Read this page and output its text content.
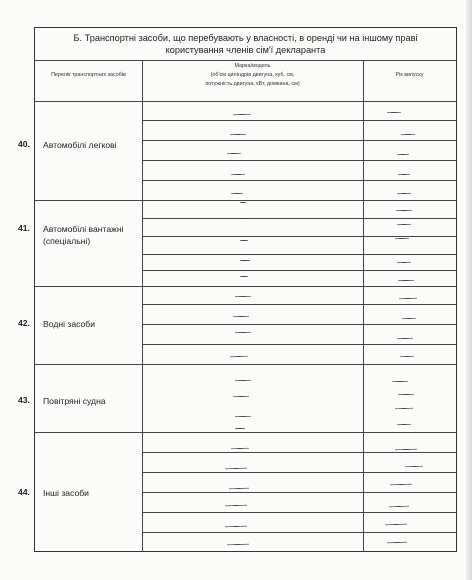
Б. Транспортні засоби, що перебувають у власності, в оренді чи на іншому праві
користування членів сім'ї декларанта
Перелік транспортних засобів
Марка/модель
(об'єм циліндрів двигуна, куб. см,
потужність двигуна, кВт, довжина, см)
Рік випуску
40. Автомобілі легкові
41. Автомобілі вантажні (спеціальні)
42. Водні засоби
43. Повітряні судна
44. Інші засоби
